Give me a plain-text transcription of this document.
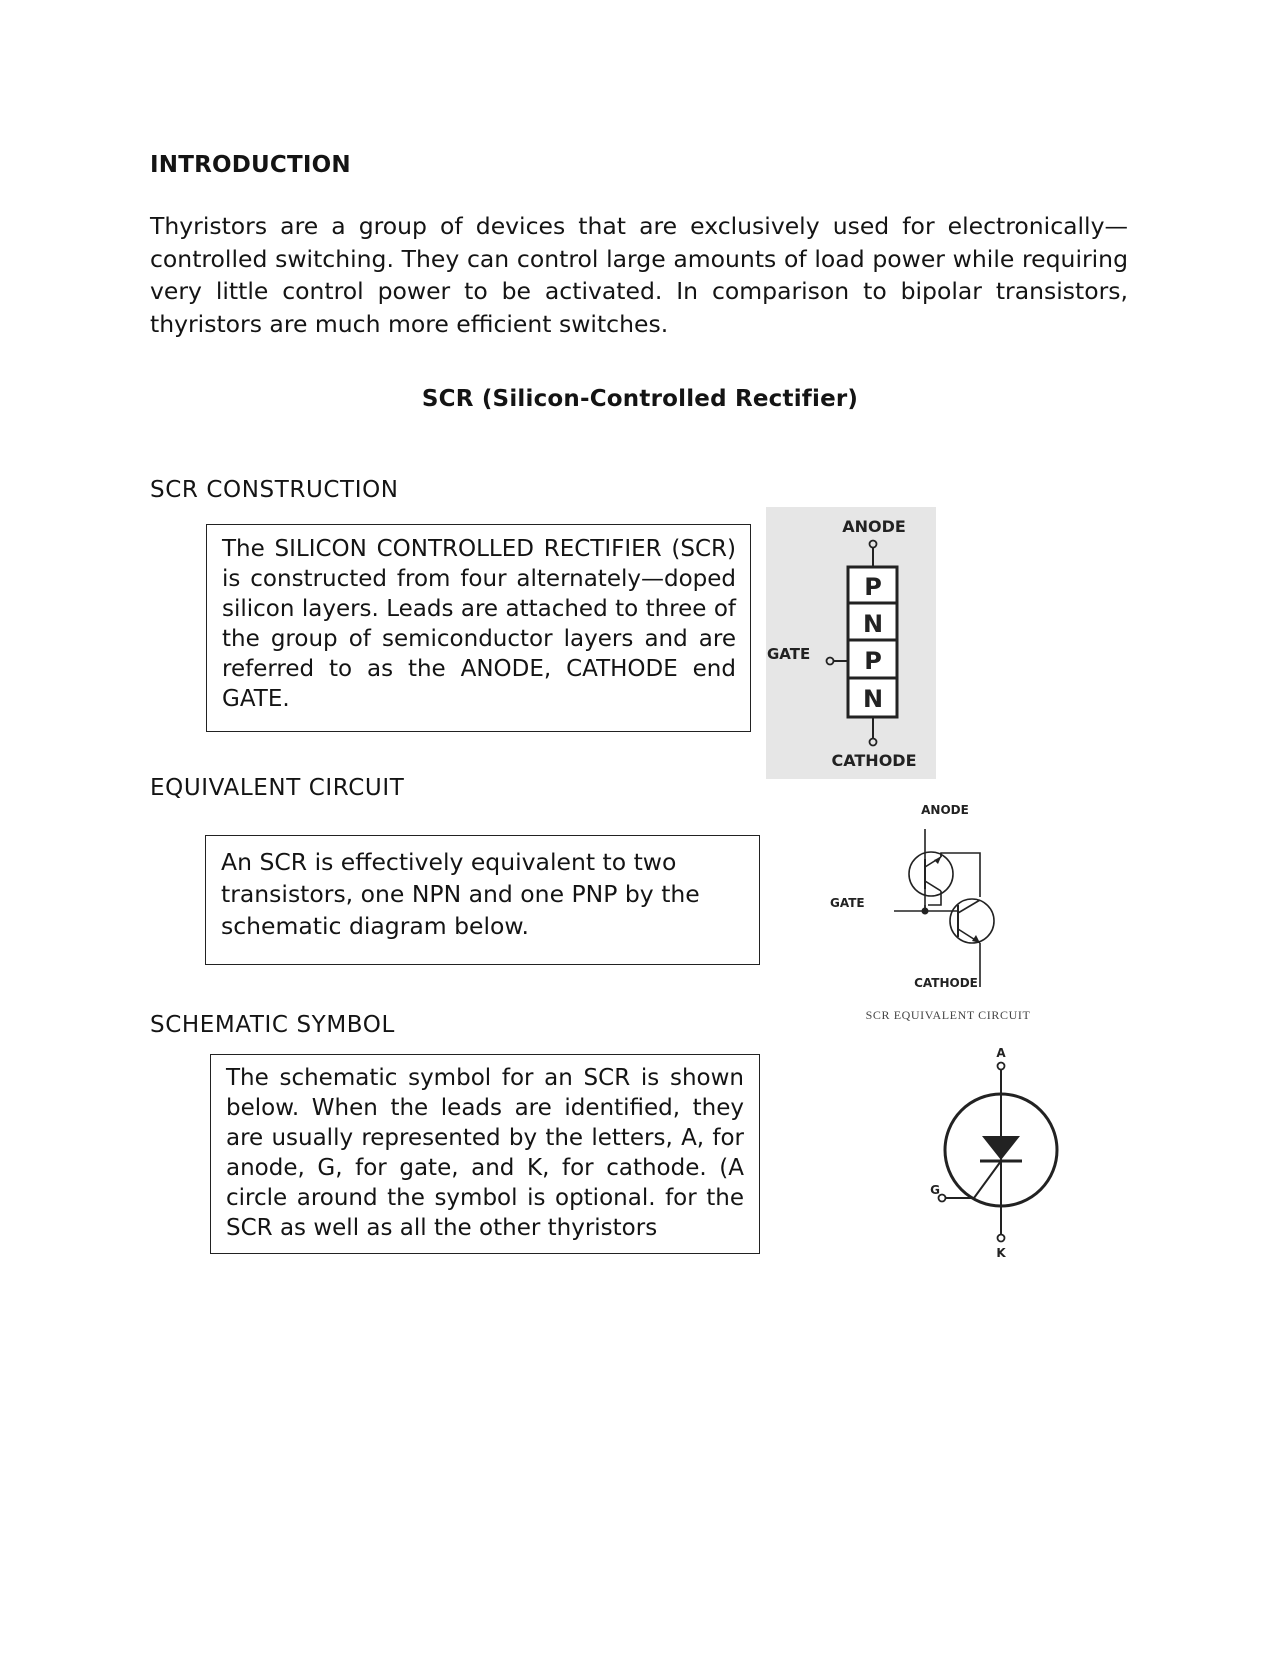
INTRODUCTION
Thyristors are a group of devices that are exclusively used for electronically—controlled switching. They can control large amounts of load power while requiring very little control power to be activated. In comparison to bipolar transistors, thyristors are much more efficient switches.
SCR (Silicon-Controlled Rectifier)
SCR CONSTRUCTION
The SILICON CONTROLLED RECTIFIER (SCR) is constructed from four alternately—doped silicon layers. Leads are attached to three of the group of semiconductor layers and are referred to as the ANODE, CATHODE end GATE.
ANODE
P
N
P
N
GATE
CATHODE
EQUIVALENT CIRCUIT
An SCR is effectively equivalent to two transistors, one NPN and one PNP by the schematic diagram below.
ANODE
GATE
CATHODE
SCR EQUIVALENT CIRCUIT
SCHEMATIC SYMBOL
The schematic symbol for an SCR is shown below. When the leads are identified, they are usually represented by the letters, A, for anode, G, for gate, and K, for cathode. (A circle around the symbol is optional. for the SCR as well as all the other thyristors
A
G
K
